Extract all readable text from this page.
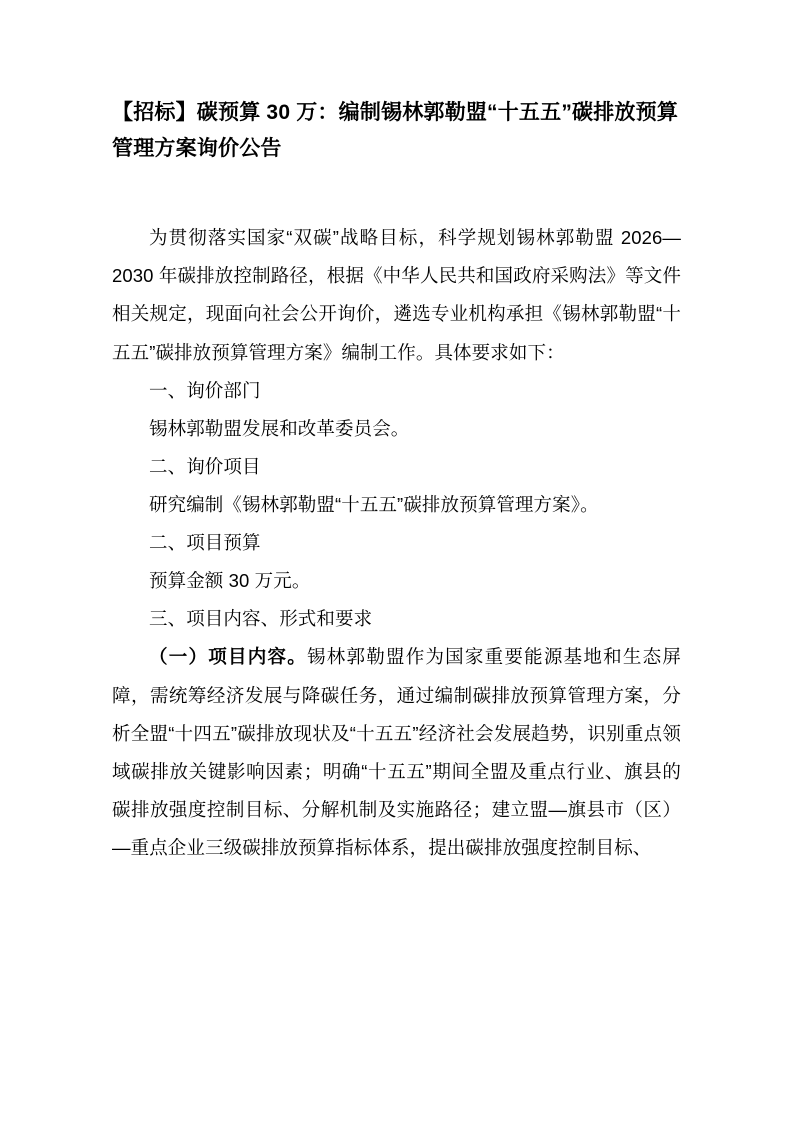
【招标】碳预算 30 万：编制锡林郭勒盟“十五五”碳排放预算管理方案询价公告

为贯彻落实国家“双碳”战略目标，科学规划锡林郭勒盟 2026—2030 年碳排放控制路径，根据《中华人民共和国政府采购法》等文件相关规定，现面向社会公开询价，遴选专业机构承担《锡林郭勒盟“十五五”碳排放预算管理方案》编制工作。具体要求如下：

一、询价部门

锡林郭勒盟发展和改革委员会。

二、询价项目

研究编制《锡林郭勒盟“十五五”碳排放预算管理方案》。

二、项目预算

预算金额 30 万元。

三、项目内容、形式和要求

（一）项目内容。锡林郭勒盟作为国家重要能源基地和生态屏障，需统筹经济发展与降碳任务，通过编制碳排放预算管理方案，分析全盟“十四五”碳排放现状及“十五五”经济社会发展趋势，识别重点领域碳排放关键影响因素；明确“十五五”期间全盟及重点行业、旗县的碳排放强度控制目标、分解机制及实施路径；建立盟—旗县市（区）—重点企业三级碳排放预算指标体系，提出碳排放强度控制目标、
